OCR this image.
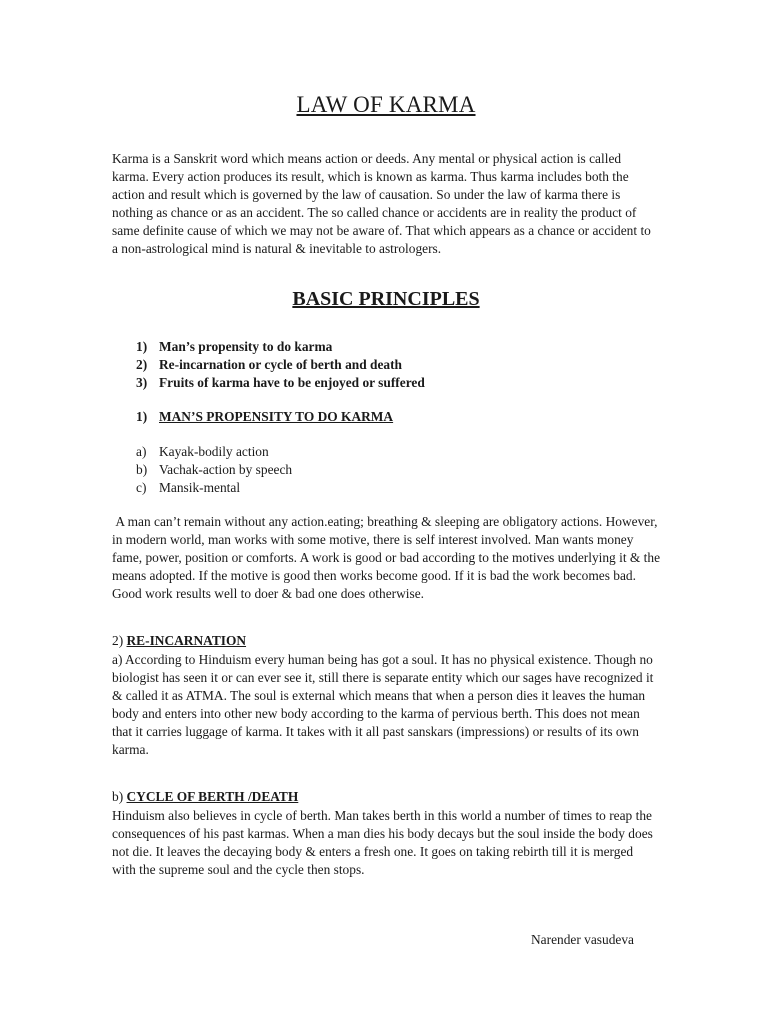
LAW OF KARMA

Karma is a Sanskrit word which means action or deeds. Any mental or physical action is called karma. Every action produces its result, which is known as karma. Thus karma includes both the action and result which is governed by the law of causation. So under the law of karma there is nothing as chance or as an accident. The so called chance or accidents are in reality the product of same definite cause of which we may not be aware of. That which appears as a chance or accident to a non-astrological mind is natural & inevitable to astrologers.

BASIC PRINCIPLES
1) Man’s propensity to do karma
2) Re-incarnation or cycle of berth and death
3) Fruits of karma have to be enjoyed or suffered

1) MAN’S PROPENSITY TO DO KARMA

a) Kayak-bodily action
b) Vachak-action by speech
c) Mansik-mental

A man can’t remain without any action.eating; breathing & sleeping are obligatory actions. However, in modern world, man works with some motive, there is self interest involved. Man wants money fame, power, position or comforts. A work is good or bad according to the motives underlying it & the means adopted. If the motive is good then works become good. If it is bad the work becomes bad. Good work results well to doer & bad one does otherwise.

2) RE-INCARNATION

a) According to Hinduism every human being has got a soul. It has no physical existence. Though no biologist has seen it or can ever see it, still there is separate entity which our sages have recognized it & called it as ATMA. The soul is external which means that when a person dies it leaves the human body and enters into other new body according to the karma of pervious berth. This does not mean that it carries luggage of karma. It takes with it all past sanskars (impressions) or results of its own karma.

b) CYCLE OF BERTH /DEATH

Hinduism also believes in cycle of berth. Man takes berth in this world a number of times to reap the consequences of his past karmas. When a man dies his body decays but the soul inside the body does not die. It leaves the decaying body & enters a fresh one. It goes on taking rebirth till it is merged with the supreme soul and the cycle then stops.

Narender vasudeva
